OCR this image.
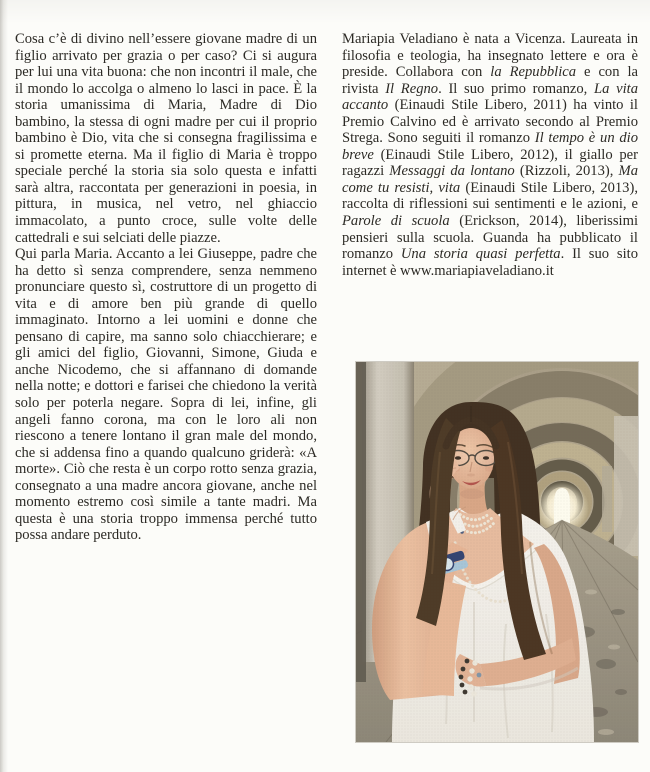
Cosa c’è di divino nell’essere giovane madre di un figlio arrivato per grazia o per caso? Ci si augura per lui una vita buona: che non incontri il male, che il mondo lo accolga o almeno lo lasci in pace. È la storia umanissima di Maria, Madre di Dio bambino, la stessa di ogni madre per cui il proprio bambino è Dio, vita che si consegna fragilissima e si promette eterna. Ma il figlio di Maria è troppo speciale perché la storia sia solo questa e infatti sarà altra, raccontata per generazioni in poesia, in pittura, in musica, nel vetro, nel ghiaccio immacolato, a punto croce, sulle volte delle cattedrali e sui selciati delle piazze.

Qui parla Maria. Accanto a lei Giuseppe, padre che ha detto sì senza comprendere, senza nemmeno pronunciare questo sì, costruttore di un progetto di vita e di amore ben più grande di quello immaginato. Intorno a lei uomini e donne che pensano di capire, ma sanno solo chiacchierare; e gli amici del figlio, Giovanni, Simone, Giuda e anche Nicodemo, che si affannano di domande nella notte; e dottori e farisei che chiedono la verità solo per poterla negare. Sopra di lei, infine, gli angeli fanno corona, ma con le loro ali non riescono a tenere lontano il gran male del mondo, che si addensa fino a quando qualcuno griderà: «A morte». Ciò che resta è un corpo rotto senza grazia, consegnato a una madre ancora giovane, anche nel momento estremo così simile a tante madri. Ma questa è una storia troppo immensa perché tutto possa andare perduto.

Mariapia Veladiano è nata a Vicenza. Laureata in filosofia e teologia, ha insegnato lettere e ora è preside. Collabora con la Repubblica e con la rivista Il Regno. Il suo primo romanzo, La vita accanto (Einaudi Stile Libero, 2011) ha vinto il Premio Calvino ed è arrivato secondo al Premio Strega. Sono seguiti il romanzo Il tempo è un dio breve (Einaudi Stile Libero, 2012), il giallo per ragazzi Messaggi da lontano (Rizzoli, 2013), Ma come tu resisti, vita (Einaudi Stile Libero, 2013), raccolta di riflessioni sui sentimenti e le azioni, e Parole di scuola (Erickson, 2014), liberissimi pensieri sulla scuola. Guanda ha pubblicato il romanzo Una storia quasi perfetta. Il suo sito internet è www.mariapiaveladiano.it
